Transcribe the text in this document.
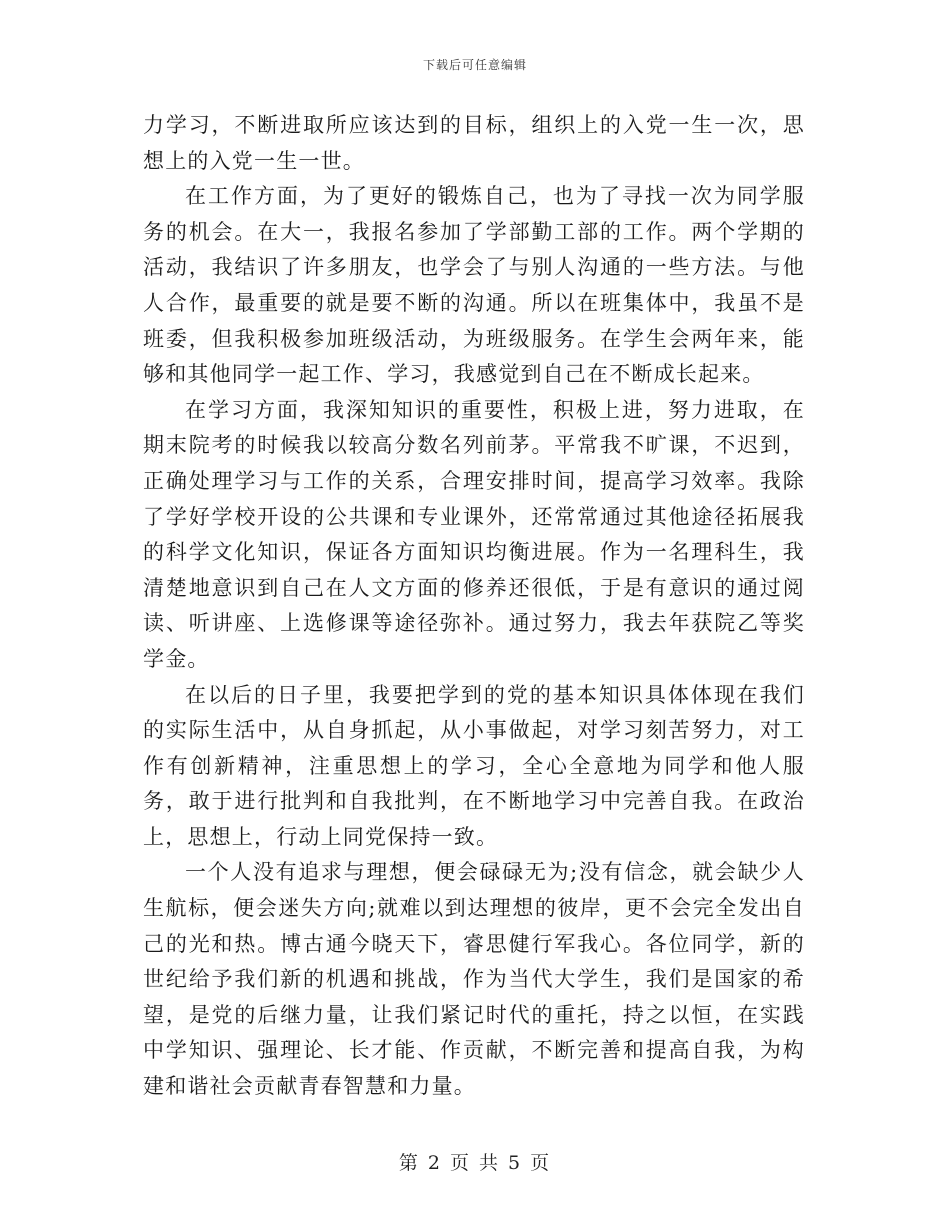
下载后可任意编辑

力学习，不断进取所应该达到的目标，组织上的入党一生一次，思想上的入党一生一世。

在工作方面，为了更好的锻炼自己，也为了寻找一次为同学服务的机会。在大一，我报名参加了学部勤工部的工作。两个学期的活动，我结识了许多朋友，也学会了与别人沟通的一些方法。与他人合作，最重要的就是要不断的沟通。所以在班集体中，我虽不是班委，但我积极参加班级活动，为班级服务。在学生会两年来，能够和其他同学一起工作、学习，我感觉到自己在不断成长起来。

在学习方面，我深知知识的重要性，积极上进，努力进取，在期末院考的时候我以较高分数名列前茅。平常我不旷课，不迟到，正确处理学习与工作的关系，合理安排时间，提高学习效率。我除了学好学校开设的公共课和专业课外，还常常通过其他途径拓展我的科学文化知识，保证各方面知识均衡进展。作为一名理科生，我清楚地意识到自己在人文方面的修养还很低，于是有意识的通过阅读、听讲座、上选修课等途径弥补。通过努力，我去年获院乙等奖学金。

在以后的日子里，我要把学到的党的基本知识具体体现在我们的实际生活中，从自身抓起，从小事做起，对学习刻苦努力，对工作有创新精神，注重思想上的学习，全心全意地为同学和他人服务，敢于进行批判和自我批判，在不断地学习中完善自我。在政治上，思想上，行动上同党保持一致。

一个人没有追求与理想，便会碌碌无为;没有信念，就会缺少人生航标，便会迷失方向;就难以到达理想的彼岸，更不会完全发出自己的光和热。博古通今晓天下，睿思健行军我心。各位同学，新的世纪给予我们新的机遇和挑战，作为当代大学生，我们是国家的希望，是党的后继力量，让我们紧记时代的重托，持之以恒，在实践中学知识、强理论、长才能、作贡献，不断完善和提高自我，为构建和谐社会贡献青春智慧和力量。

第 2 页 共 5 页
